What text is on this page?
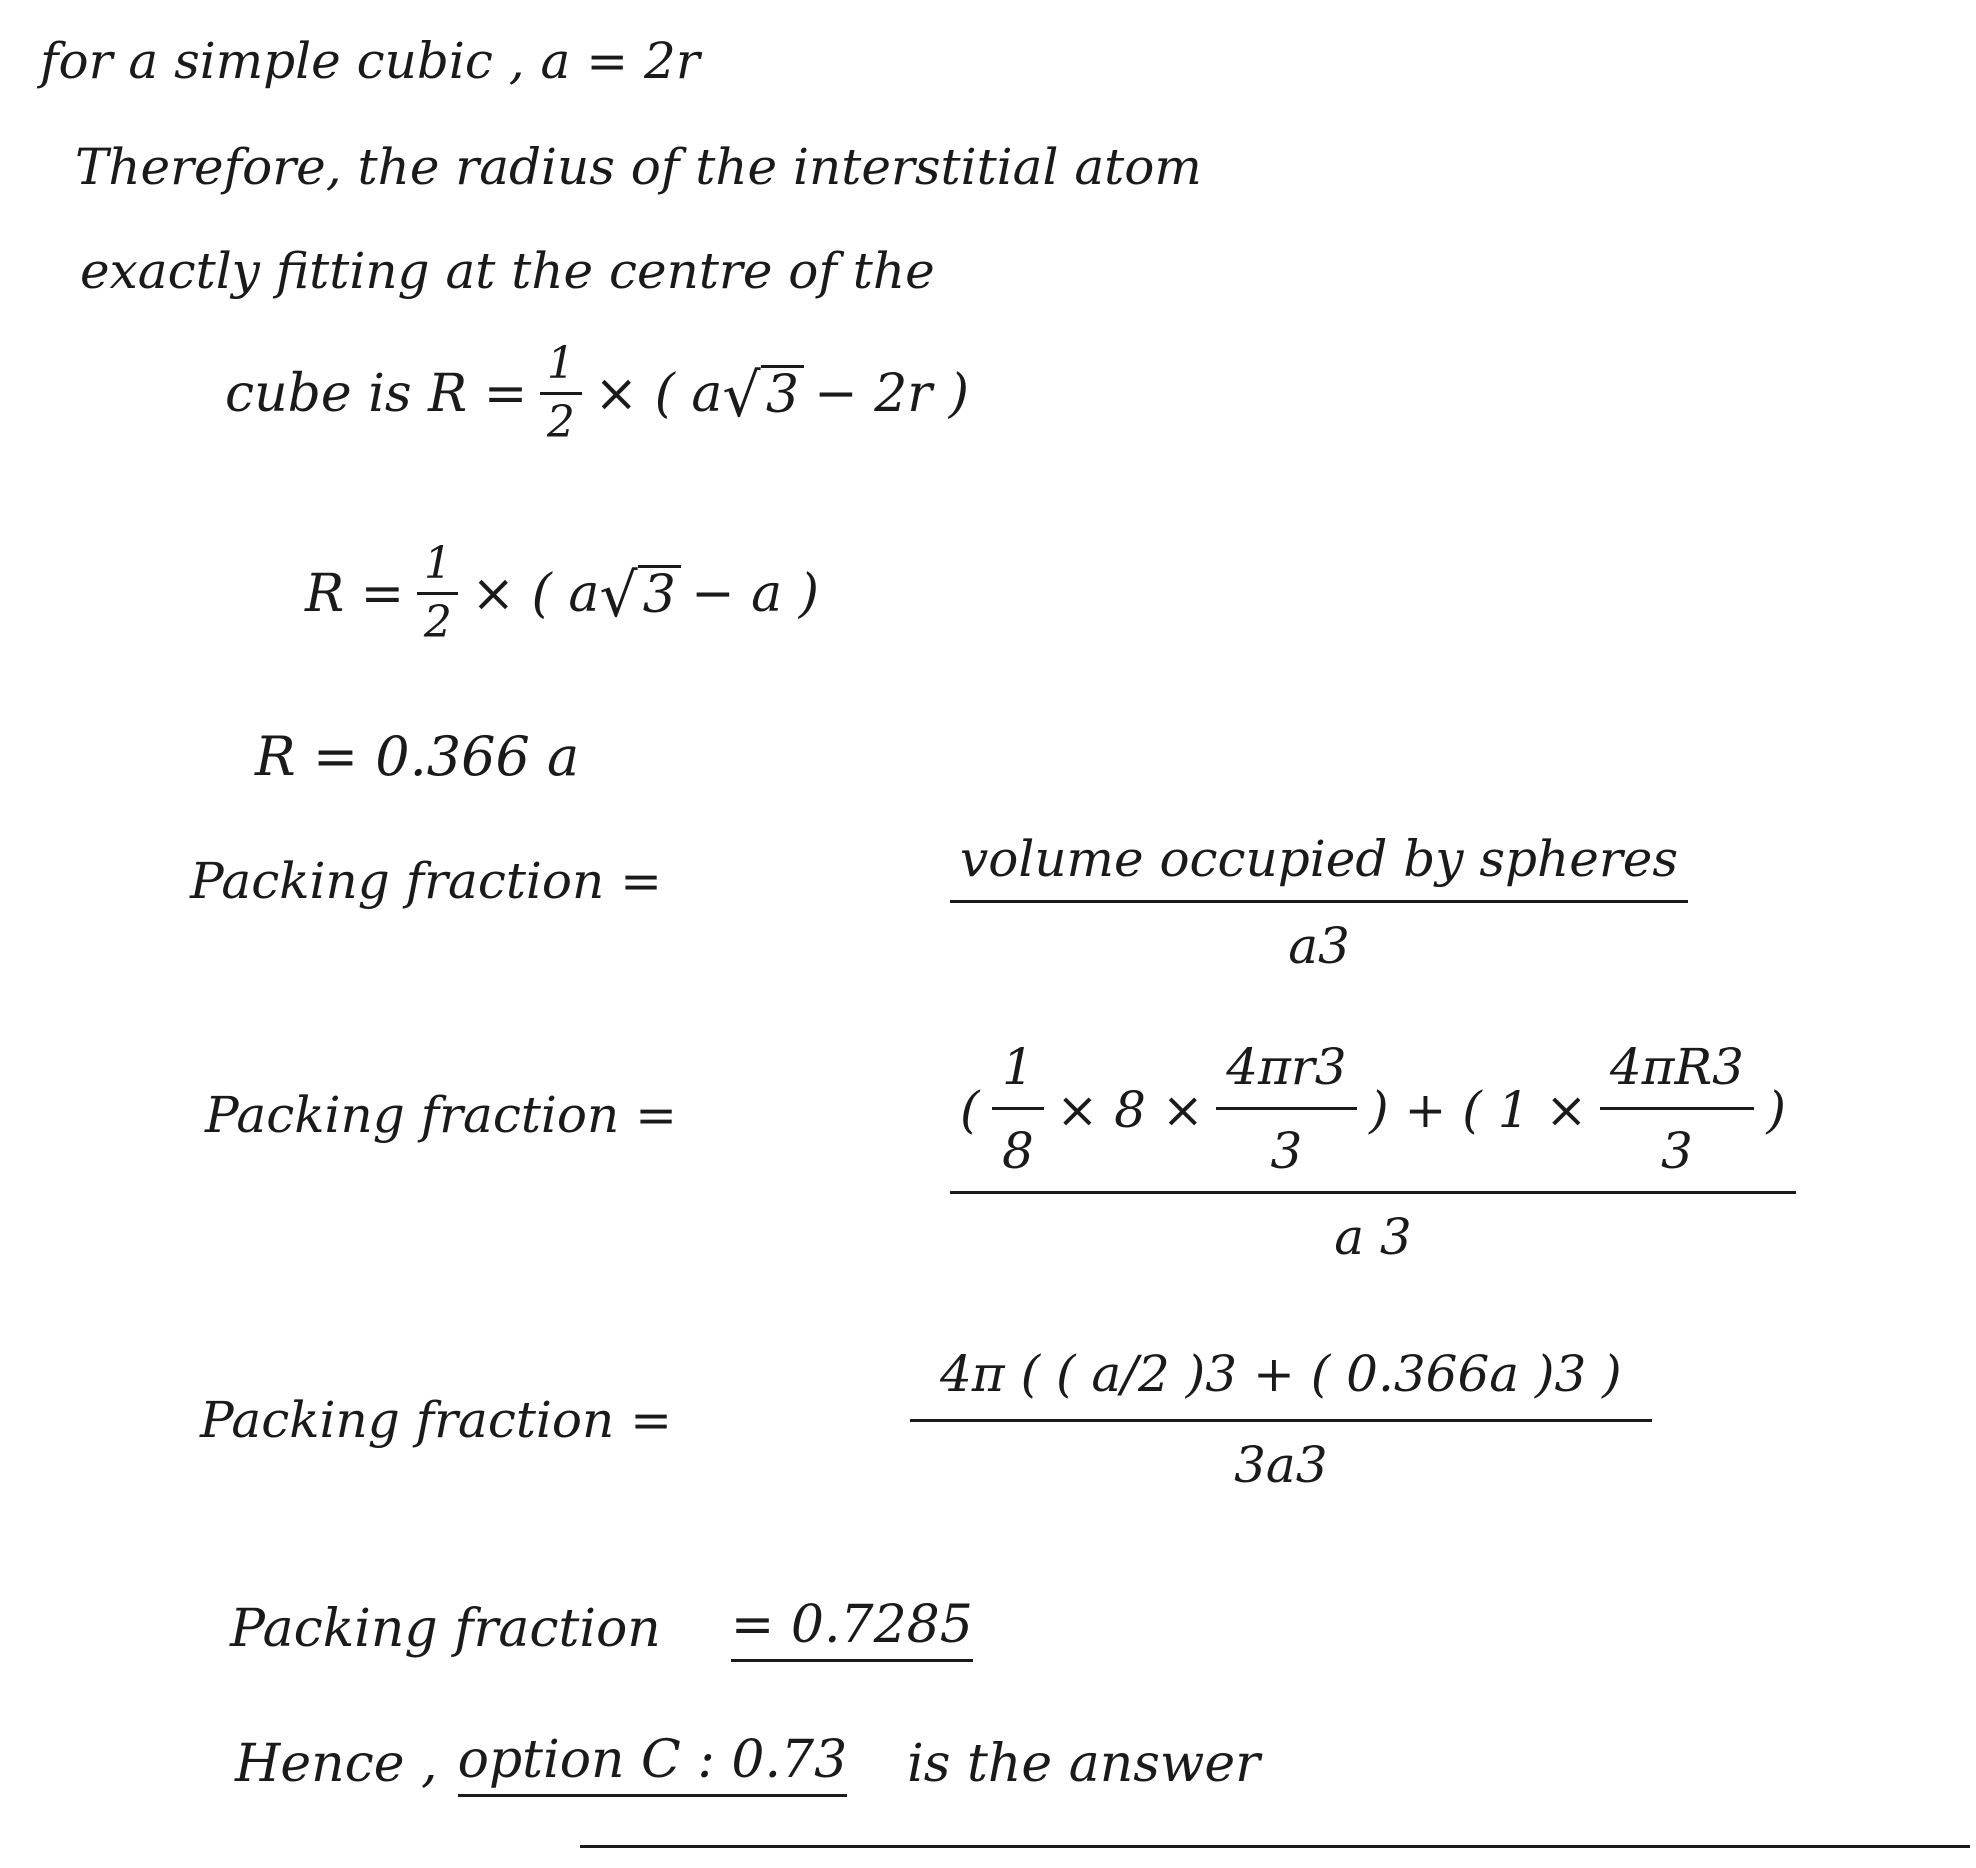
for a simple cubic , a = 2r
Therefore, the radius of the interstitial atom
exactly fitting at the centre of the
cube is $R = \frac{1}{2}$ × ( a √ 3 − 2r )
$R = \frac{1}{2}$ × ( a √ 3 − a )
R = 0.366 a
Packing fraction =	volume occupied by spheres
a3
Packing fraction =	( $\frac{1}{8} \times 8 \times \frac{4\pi r3}{3}$ ) + ( $1 \times \frac{4\pi R3}{3}$ )
a 3
Packing fraction =	$\frac{4\pi ( ( a/2 )3 + ( 0.366a )3 )}{3a3}$
Packing fraction = 0.7285
Hence , option C : 0.73 is the answer
